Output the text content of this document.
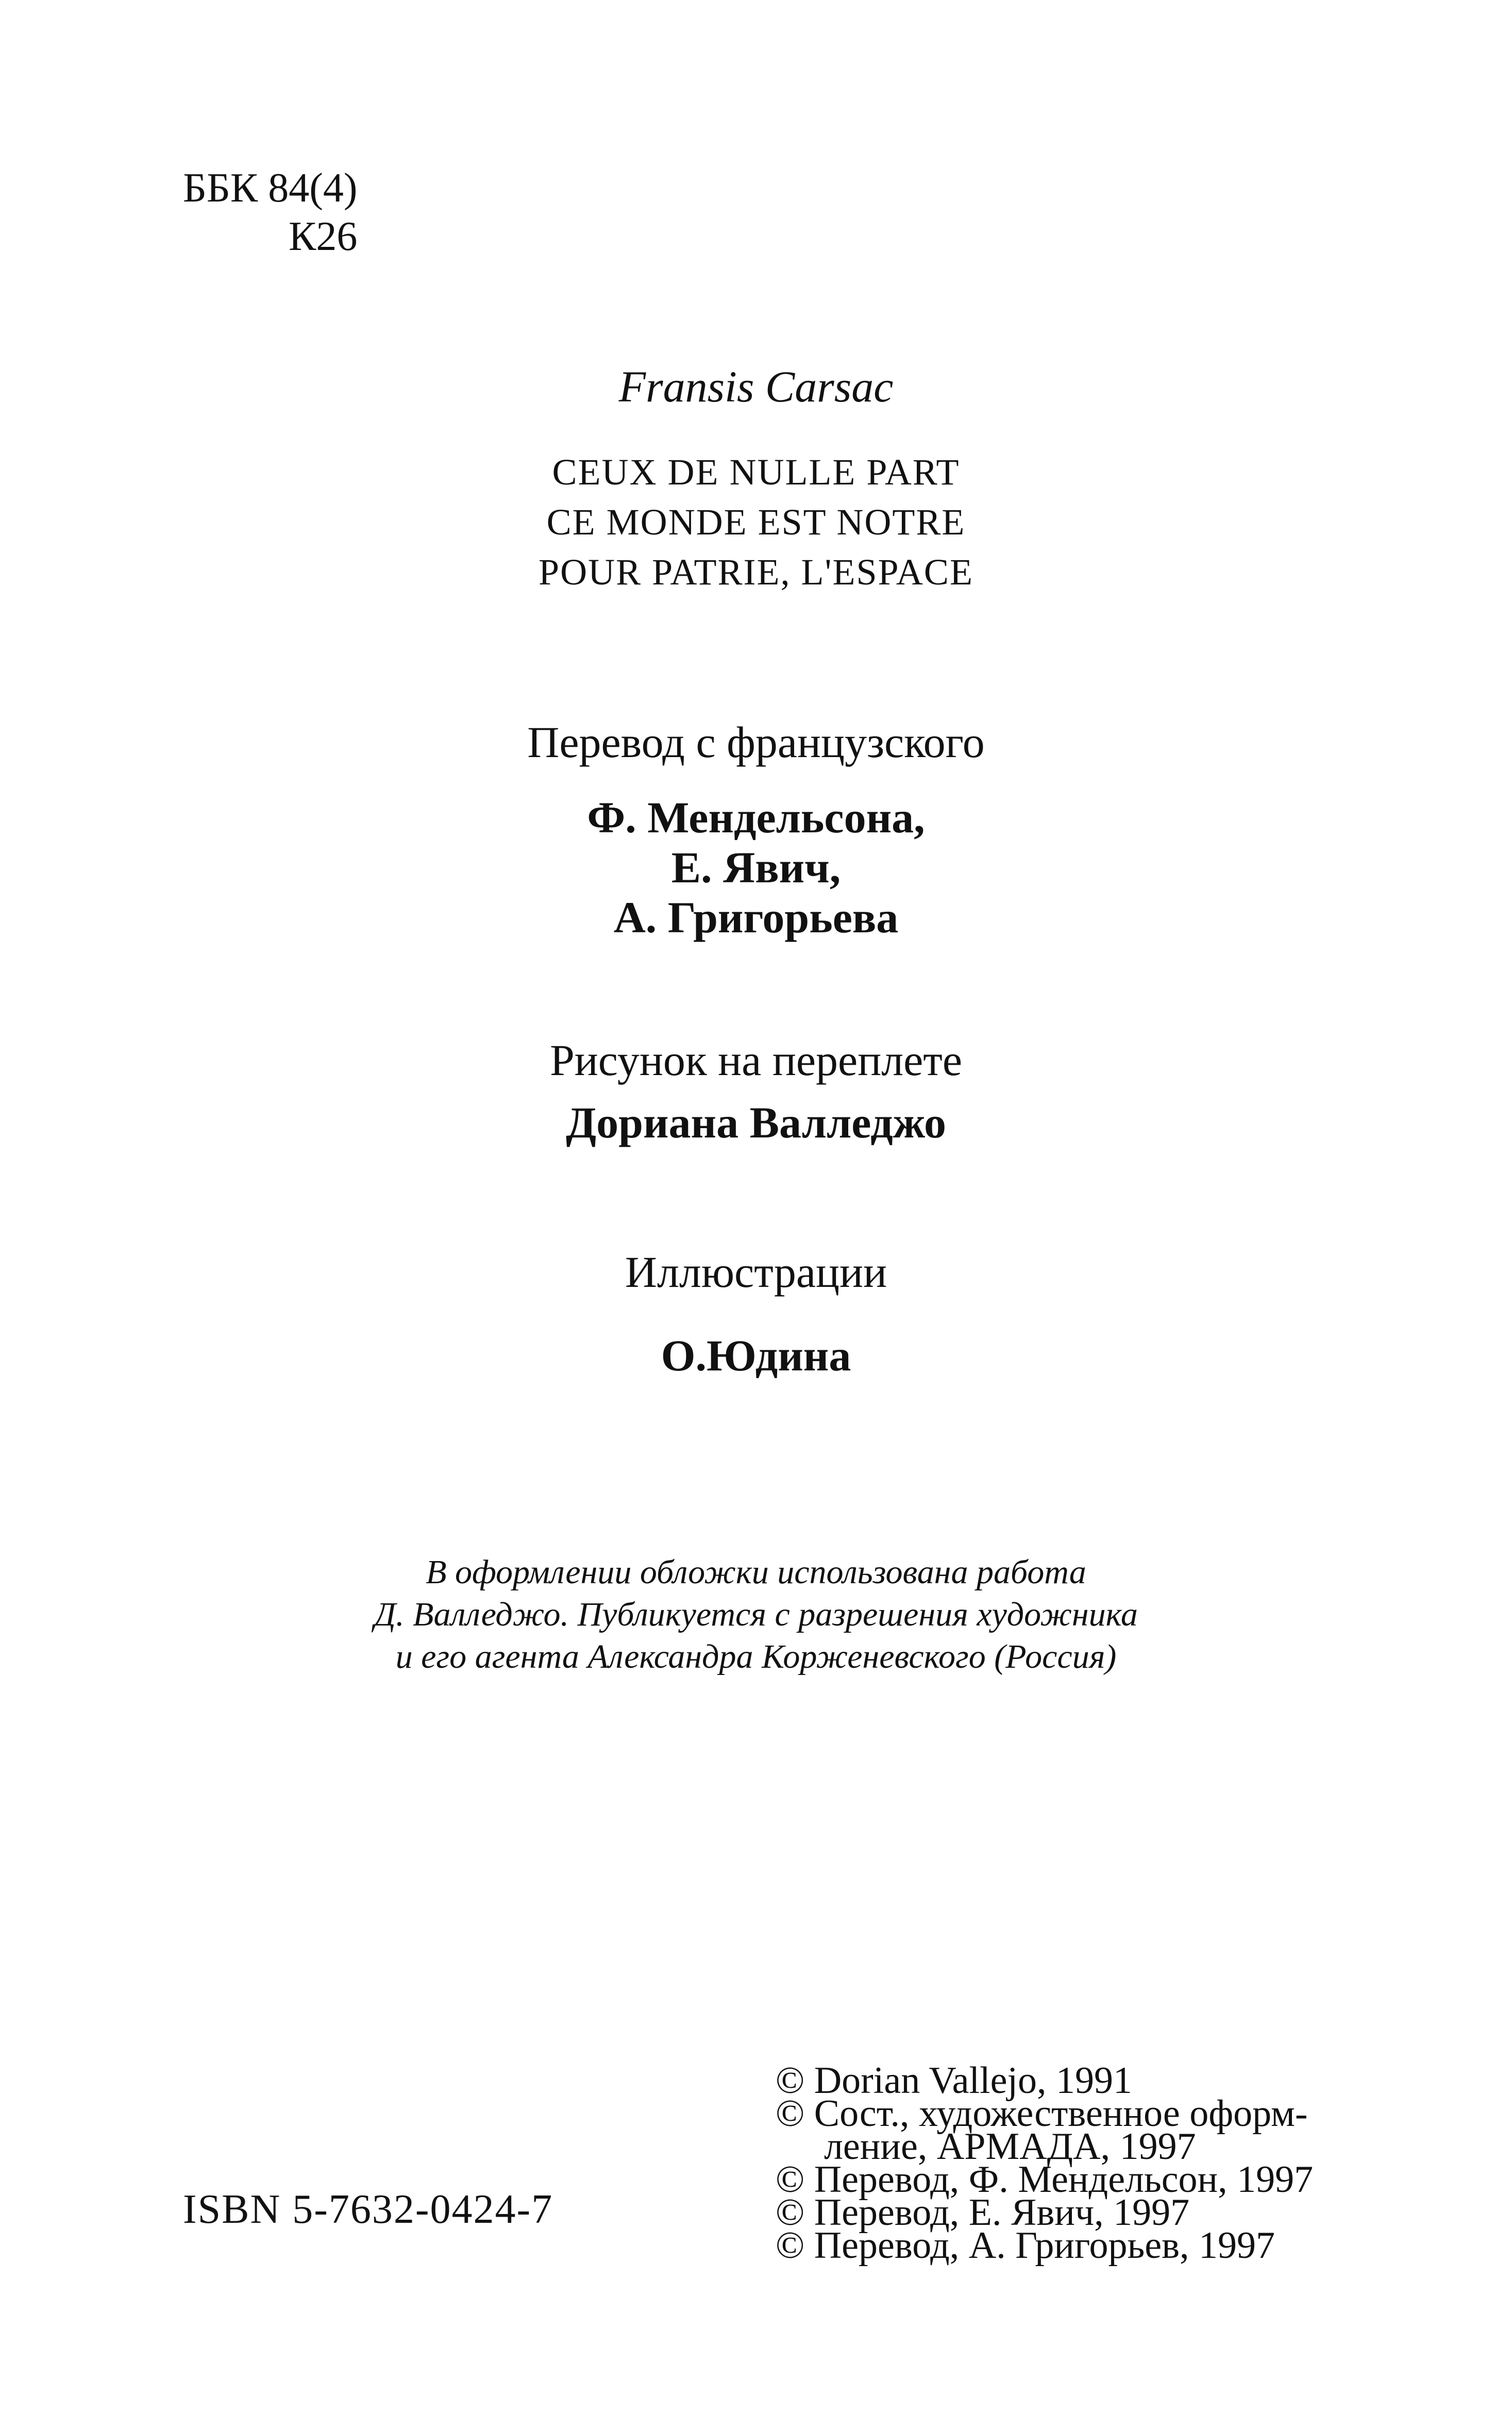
ББК 84(4)
К26
Fransis Carsac
CEUX DE NULLE PART
CE MONDE EST NOTRE
POUR PATRIE, L'ESPACE
Перевод с французского
Ф. Мендельсона,
Е. Явич,
А. Григорьева
Рисунок на переплете
Дориана Валледжо
Иллюстрации
О.Юдина
В оформлении обложки использована работа
Д. Валледжо. Публикуется с разрешения художника
и его агента Александра Корженевского (Россия)
ISBN 5-7632-0424-7
© Dorian Vallejo, 1991
© Сост., художественное оформ-
ление, АРМАДА, 1997
© Перевод, Ф. Мендельсон, 1997
© Перевод, Е. Явич, 1997
© Перевод, А. Григорьев, 1997
